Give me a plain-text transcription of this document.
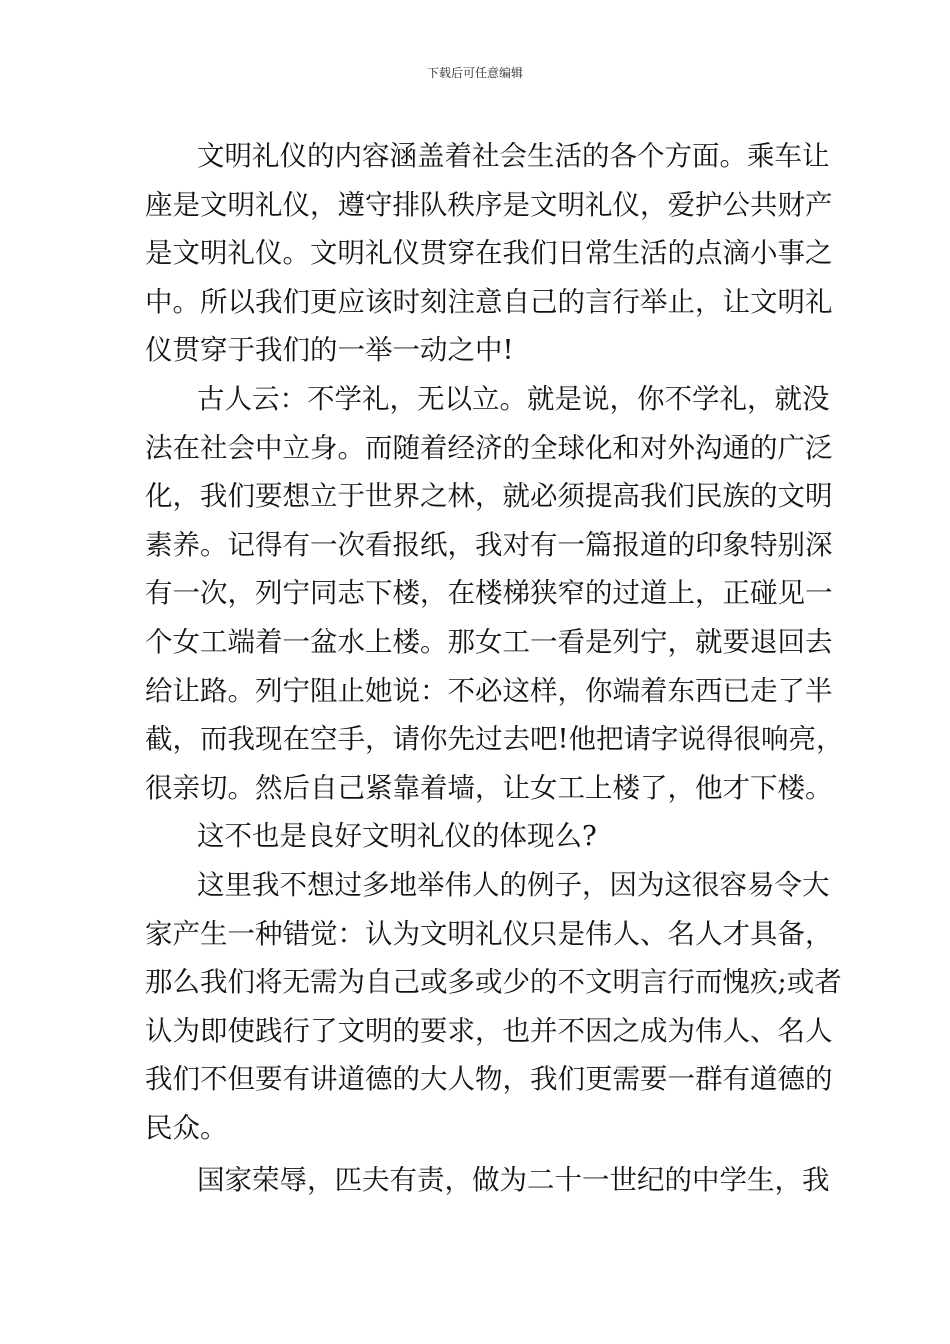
下载后可任意编辑
文明礼仪的内容涵盖着社会生活的各个方面。乘车让
座是文明礼仪，遵守排队秩序是文明礼仪，爱护公共财产
是文明礼仪。文明礼仪贯穿在我们日常生活的点滴小事之
中。所以我们更应该时刻注意自己的言行举止，让文明礼
仪贯穿于我们的一举一动之中!
古人云：不学礼，无以立。就是说，你不学礼，就没
法在社会中立身。而随着经济的全球化和对外沟通的广泛
化，我们要想立于世界之林，就必须提高我们民族的文明
素养。记得有一次看报纸，我对有一篇报道的印象特别深
有一次，列宁同志下楼，在楼梯狭窄的过道上，正碰见一
个女工端着一盆水上楼。那女工一看是列宁，就要退回去
给让路。列宁阻止她说：不必这样，你端着东西已走了半
截，而我现在空手，请你先过去吧!他把请字说得很响亮，
很亲切。然后自己紧靠着墙，让女工上楼了，他才下楼。
这不也是良好文明礼仪的体现么?
这里我不想过多地举伟人的例子，因为这很容易令大
家产生一种错觉：认为文明礼仪只是伟人、名人才具备，
那么我们将无需为自己或多或少的不文明言行而愧疚;或者
认为即使践行了文明的要求，也并不因之成为伟人、名人
我们不但要有讲道德的大人物，我们更需要一群有道德的
民众。
国家荣辱，匹夫有责，做为二十一世纪的中学生，我
